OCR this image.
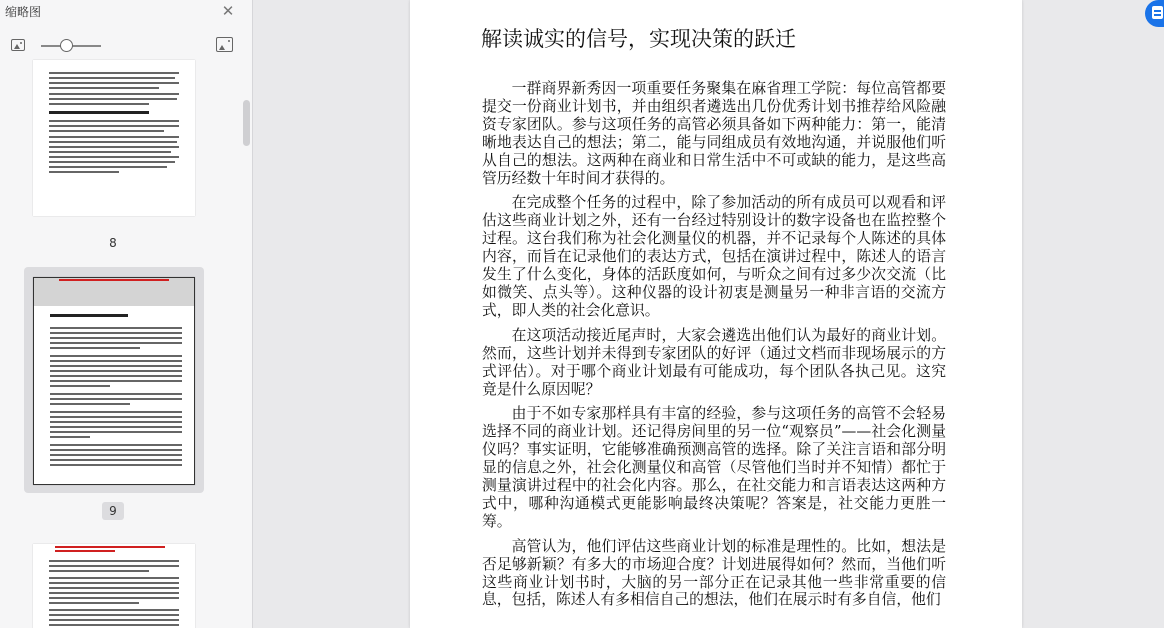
缩略图	✕
8
9
解读诚实的信号，实现决策的跃迁

一群商界新秀因一项重要任务聚集在麻省理工学院：每位高管都要提交一份商业计划书，并由组织者遴选出几份优秀计划书推荐给风险融资专家团队。参与这项任务的高管必须具备如下两种能力：第一，能清晰地表达自己的想法；第二，能与同组成员有效地沟通，并说服他们听从自己的想法。这两种在商业和日常生活中不可或缺的能力，是这些高管历经数十年时间才获得的。

在完成整个任务的过程中，除了参加活动的所有成员可以观看和评估这些商业计划之外，还有一台经过特别设计的数字设备也在监控整个过程。这台我们称为社会化测量仪的机器，并不记录每个人陈述的具体内容，而旨在记录他们的表达方式，包括在演讲过程中，陈述人的语言发生了什么变化，身体的活跃度如何，与听众之间有过多少次交流（比如微笑、点头等）。这种仪器的设计初衷是测量另一种非言语的交流方式，即人类的社会化意识。

在这项活动接近尾声时，大家会遴选出他们认为最好的商业计划。然而，这些计划并未得到专家团队的好评（通过文档而非现场展示的方式评估）。对于哪个商业计划最有可能成功，每个团队各执己见。这究竟是什么原因呢？

由于不如专家那样具有丰富的经验，参与这项任务的高管不会轻易选择不同的商业计划。还记得房间里的另一位“观察员”——社会化测量仪吗？事实证明，它能够准确预测高管的选择。除了关注言语和部分明显的信息之外，社会化测量仪和高管（尽管他们当时并不知情）都忙于测量演讲过程中的社会化内容。那么，在社交能力和言语表达这两种方式中，哪种沟通模式更能影响最终决策呢？答案是，社交能力更胜一筹。

高管认为，他们评估这些商业计划的标准是理性的。比如，想法是否足够新颖？有多大的市场迎合度？计划进展得如何？然而，当他们听这些商业计划书时，大脑的另一部分正在记录其他一些非常重要的信息，包括，陈述人有多相信自己的想法，他们在展示时有多自信，他们
